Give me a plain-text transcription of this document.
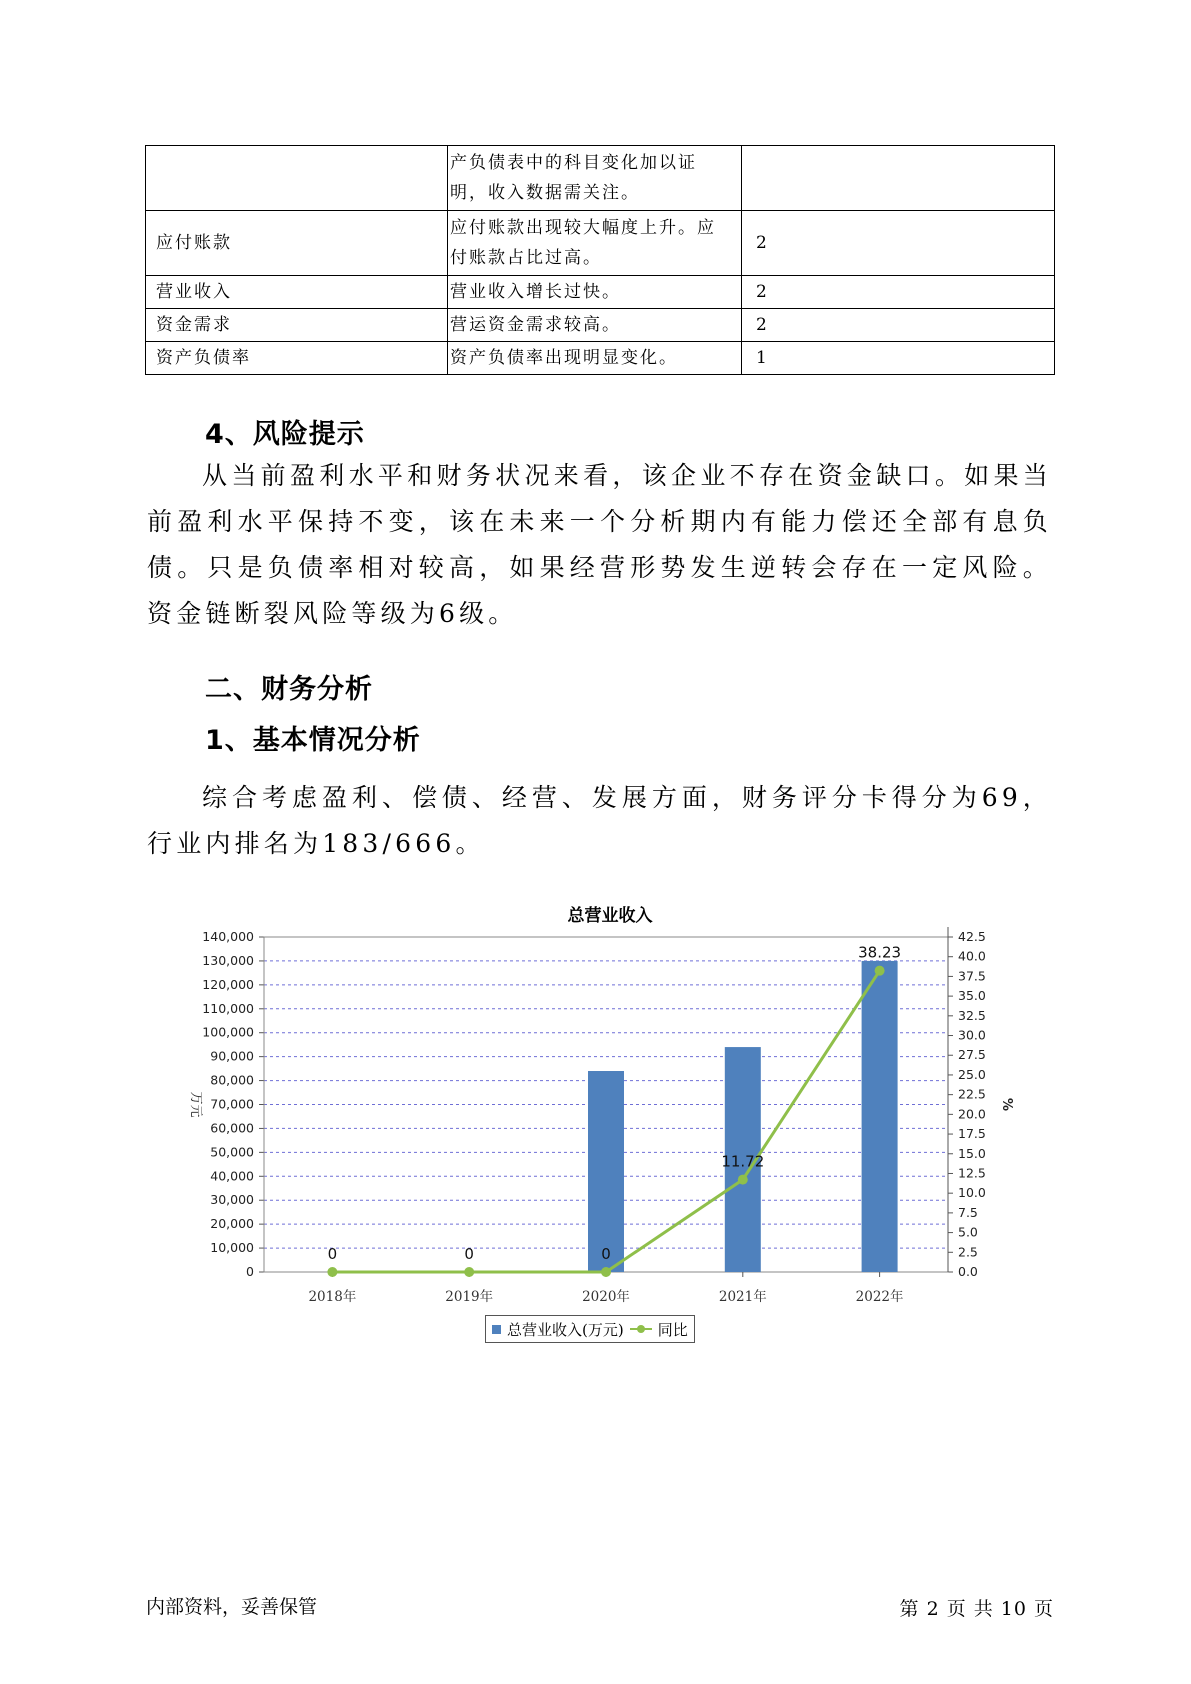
	产负债表中的科目变化加以证明，收入数据需关注。	
应付账款	应付账款出现较大幅度上升。应付账款占比过高。	2
营业收入	营业收入增长过快。	2
资金需求	营运资金需求较高。	2
资产负债率	资产负债率出现明显变化。	1
4、风险提示

从当前盈利水平和财务状况来看，该企业不存在资金缺口。如果当前盈利水平保持不变，该在未来一个分析期内有能力偿还全部有息负债。只是负债率相对较高，如果经营形势发生逆转会存在一定风险。资金链断裂风险等级为6级。

二、财务分析
1、基本情况分析

综合考虑盈利、偿债、经营、发展方面，财务评分卡得分为69，行业内排名为183/666。

总营业收入
0
10,000
20,000
30,000
40,000
50,000
60,000
70,000
80,000
90,000
100,000
110,000
120,000
130,000
140,000
0.0
2.5
5.0
7.5
10.0
12.5
15.0
17.5
20.0
22.5
25.0
27.5
30.0
32.5
35.0
37.5
40.0
42.5
万元	%
2018年	2019年	2020年	2021年	2022年
0	0	0
11.72
38.23
总营业收入(万元) 同比
内部资料，妥善保管	第 2 页 共 10 页
